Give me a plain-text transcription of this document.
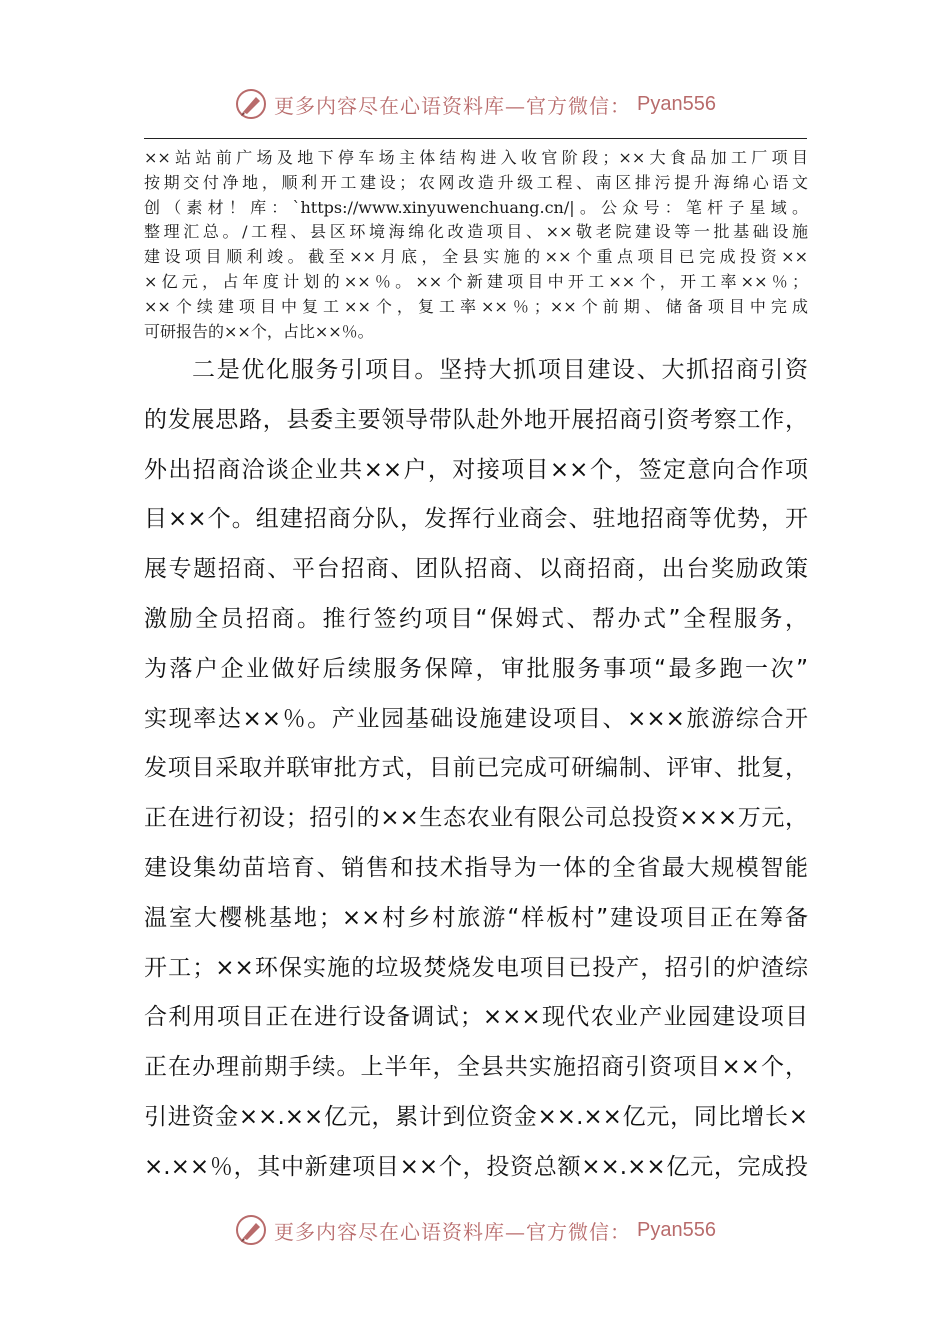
更多内容尽在心语资料库—官方微信： Pyan556
××站站前广场及地下停车场主体结构进入收官阶段；××大食品加工厂项目
按期交付净地，顺利开工建设；农网改造升级工程、南区排污提升海绵心语文
创（素材！库：`https://www.xinyuwenchuang.cn/|。公众号：笔杆子星域。
整理汇总。/工程、县区环境海绵化改造项目、××敬老院建设等一批基础设施
建设项目顺利竣。截至××月底，全县实施的××个重点项目已完成投资××
×亿元，占年度计划的××％。××个新建项目中开工××个，开工率××％；
××个续建项目中复工××个，复工率××％；××个前期、储备项目中完成
可研报告的××个，占比××％。
二是优化服务引项目。坚持大抓项目建设、大抓招商引资
的发展思路，县委主要领导带队赴外地开展招商引资考察工作，
外出招商洽谈企业共××户，对接项目××个，签定意向合作项
目××个。组建招商分队，发挥行业商会、驻地招商等优势，开
展专题招商、平台招商、团队招商、以商招商，出台奖励政策
激励全员招商。推行签约项目“保姆式、帮办式”全程服务，
为落户企业做好后续服务保障，审批服务事项“最多跑一次”
实现率达××％。产业园基础设施建设项目、×××旅游综合开
发项目采取并联审批方式，目前已完成可研编制、评审、批复，
正在进行初设；招引的××生态农业有限公司总投资×××万元，
建设集幼苗培育、销售和技术指导为一体的全省最大规模智能
温室大樱桃基地；××村乡村旅游“样板村”建设项目正在筹备
开工；××环保实施的垃圾焚烧发电项目已投产，招引的炉渣综
合利用项目正在进行设备调试；×××现代农业产业园建设项目
正在办理前期手续。上半年，全县共实施招商引资项目××个，
引进资金××.××亿元，累计到位资金××.××亿元，同比增长×
×.××％，其中新建项目××个，投资总额××.××亿元，完成投
更多内容尽在心语资料库—官方微信： Pyan556
